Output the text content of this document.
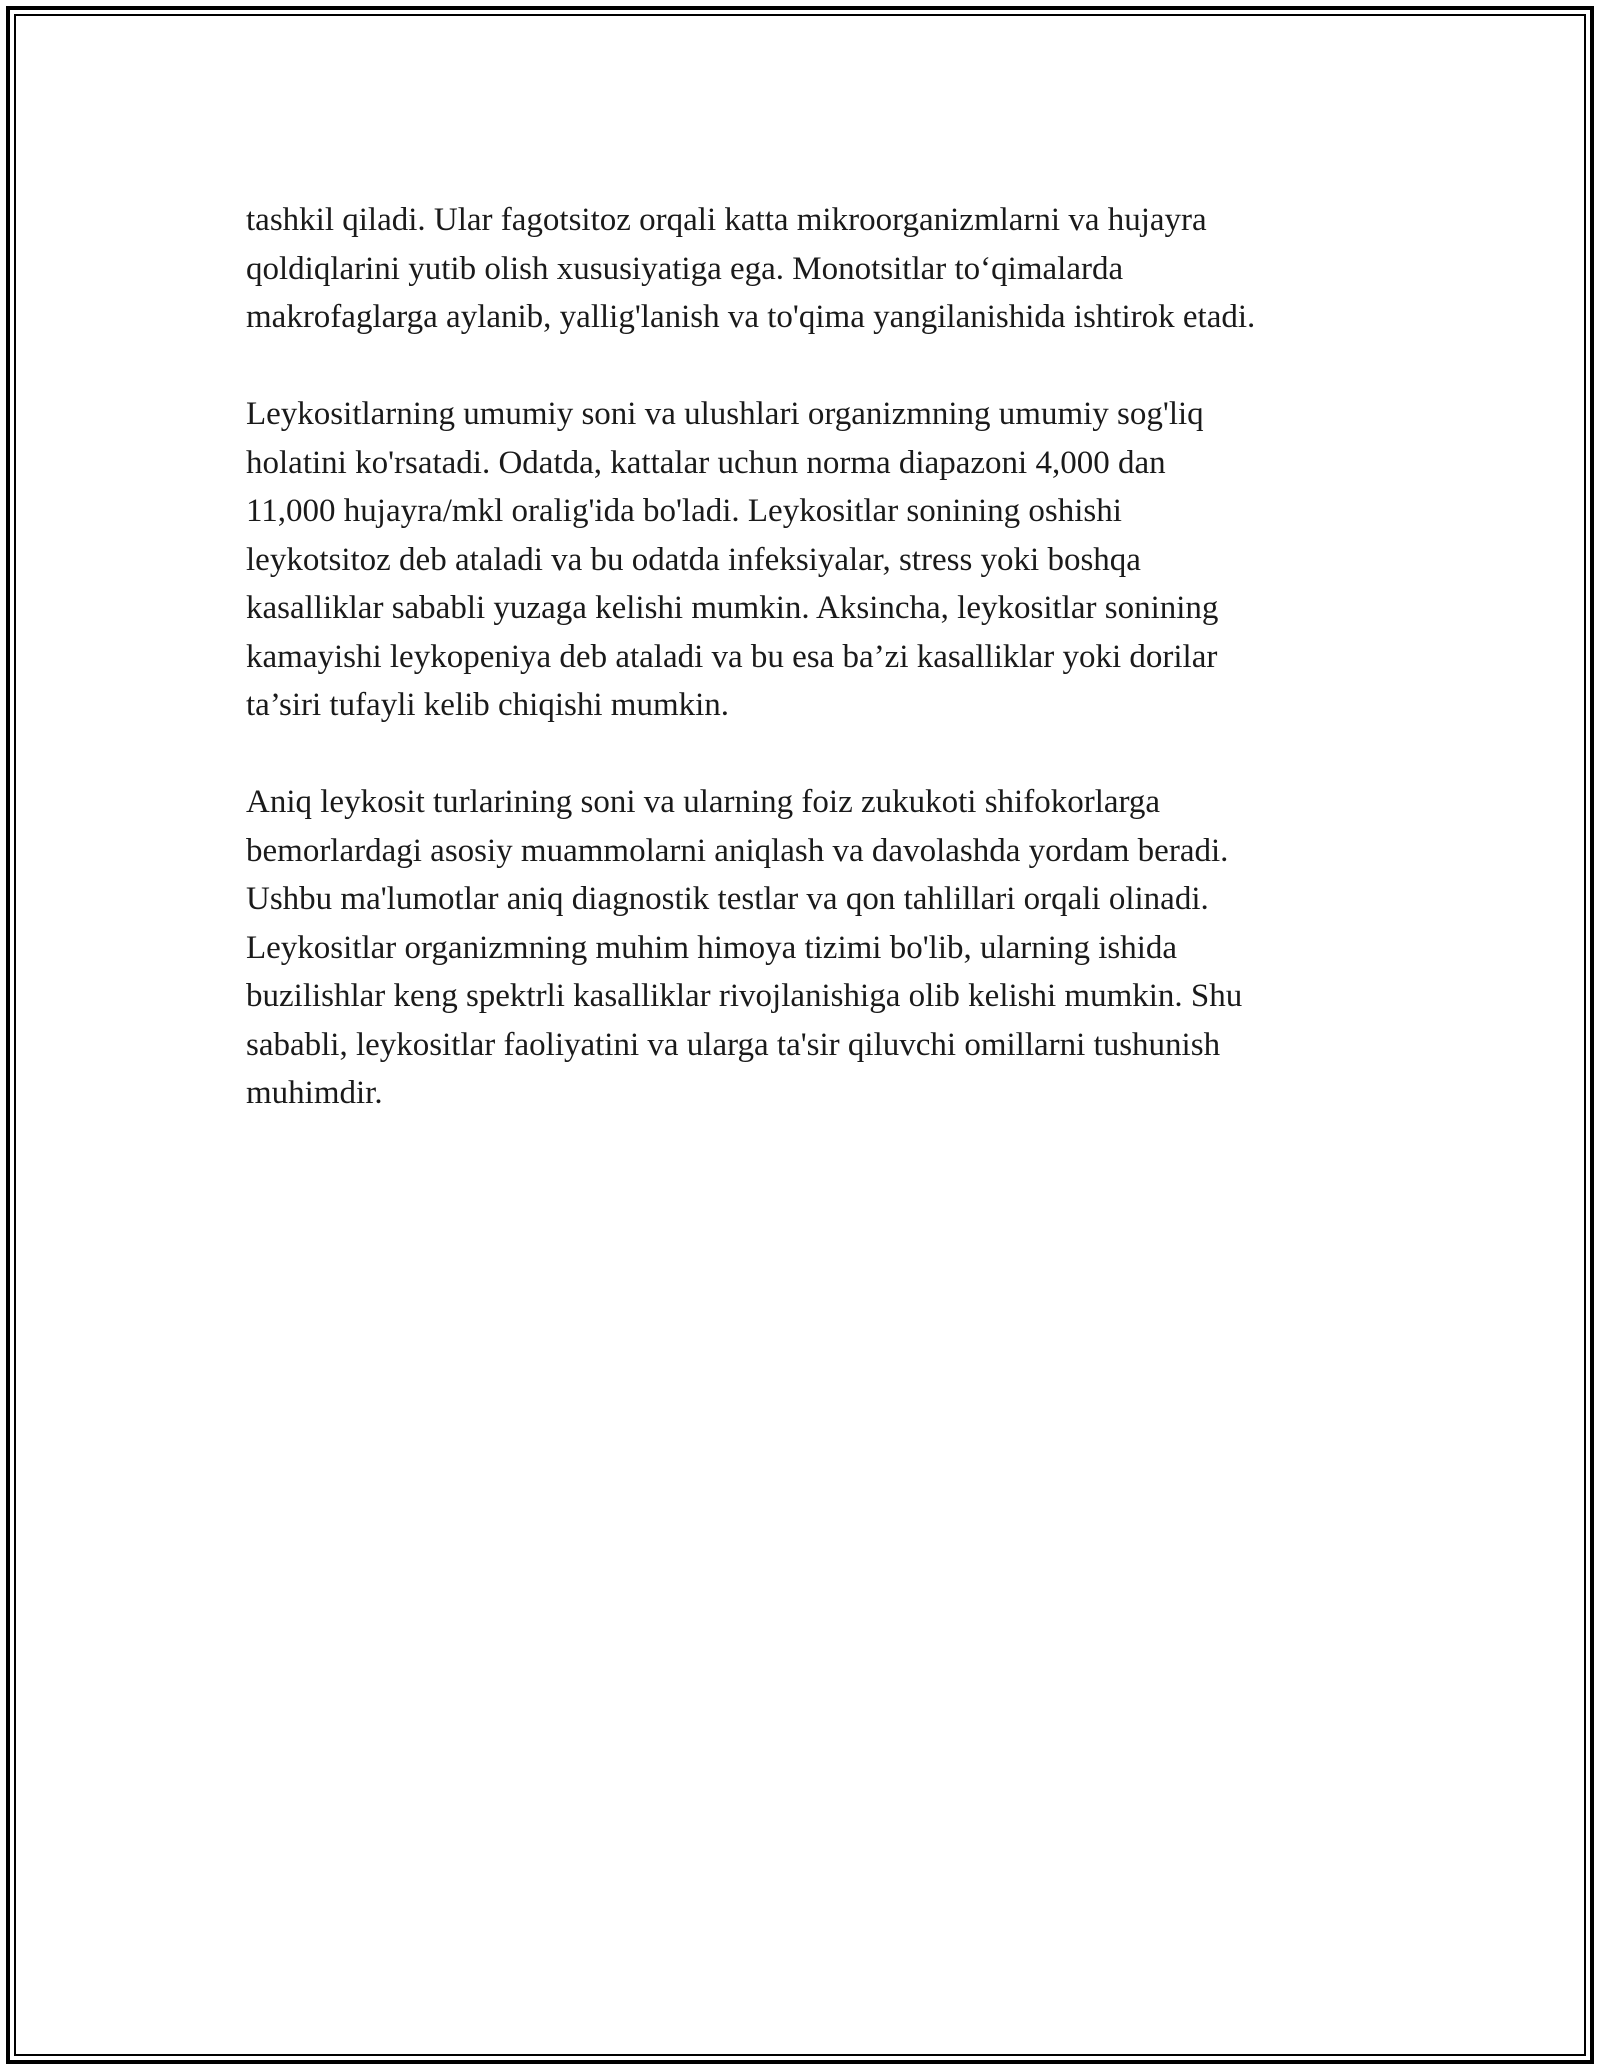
tashkil qiladi. Ular fagotsitoz orqali katta mikroorganizmlarni va hujayra
qoldiqlarini yutib olish xususiyatiga ega. Monotsitlar to‘qimalarda
makrofaglarga aylanib, yallig'lanish va to'qima yangilanishida ishtirok etadi.

Leykositlarning umumiy soni va ulushlari organizmning umumiy sog'liq
holatini ko'rsatadi. Odatda, kattalar uchun norma diapazoni 4,000 dan
11,000 hujayra/mkl oralig'ida bo'ladi. Leykositlar sonining oshishi
leykotsitoz deb ataladi va bu odatda infeksiyalar, stress yoki boshqa
kasalliklar sababli yuzaga kelishi mumkin. Aksincha, leykositlar sonining
kamayishi leykopeniya deb ataladi va bu esa ba’zi kasalliklar yoki dorilar
ta’siri tufayli kelib chiqishi mumkin.

Aniq leykosit turlarining soni va ularning foiz zukukoti shifokorlarga
bemorlardagi asosiy muammolarni aniqlash va davolashda yordam beradi.
Ushbu ma'lumotlar aniq diagnostik testlar va qon tahlillari orqali olinadi.
Leykositlar organizmning muhim himoya tizimi bo'lib, ularning ishida
buzilishlar keng spektrli kasalliklar rivojlanishiga olib kelishi mumkin. Shu
sababli, leykositlar faoliyatini va ularga ta'sir qiluvchi omillarni tushunish
muhimdir.
